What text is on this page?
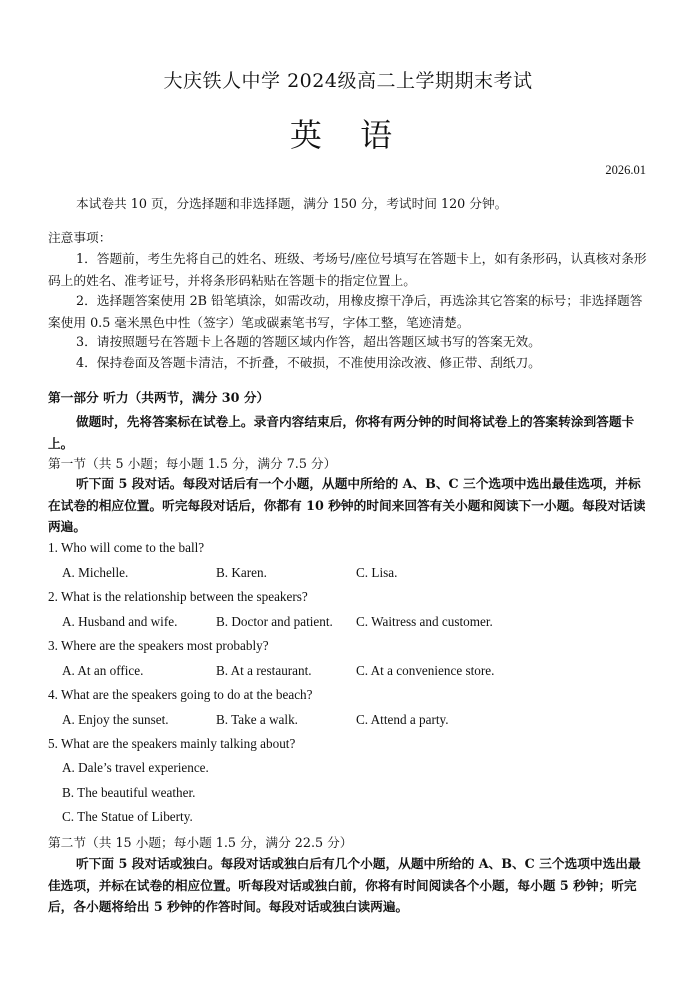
大庆铁人中学 2024级高二上学期期末考试
英 语
2026.01
本试卷共 10 页，分选择题和非选择题，满分 150 分，考试时间 120 分钟。
注意事项：
1．答题前，考生先将自己的姓名、班级、考场号/座位号填写在答题卡上，如有条形码，认真核对条形码上的姓名、准考证号，并将条形码粘贴在答题卡的指定位置上。
2．选择题答案使用 2B 铅笔填涂，如需改动，用橡皮擦干净后，再选涂其它答案的标号；非选择题答案使用 0.5 毫米黑色中性（签字）笔或碳素笔书写，字体工整，笔迹清楚。
3．请按照题号在答题卡上各题的答题区域内作答，超出答题区域书写的答案无效。
4．保持卷面及答题卡清洁，不折叠，不破损，不准使用涂改液、修正带、刮纸刀。
第一部分 听力（共两节，满分 30 分）
做题时，先将答案标在试卷上。录音内容结束后，你将有两分钟的时间将试卷上的答案转涂到答题卡上。
第一节（共 5 小题；每小题 1.5 分，满分 7.5 分）
听下面 5 段对话。每段对话后有一个小题，从题中所给的 A、B、C 三个选项中选出最佳选项，并标在试卷的相应位置。听完每段对话后，你都有 10 秒钟的时间来回答有关小题和阅读下一小题。每段对话读两遍。
1. Who will come to the ball?
A. Michelle.	B. Karen.	C. Lisa.
2. What is the relationship between the speakers?
A. Husband and wife.	B. Doctor and patient. C. Waitress and customer.
3. Where are the speakers most probably?
A. At an office.	B. At a restaurant.	C. At a convenience store.
4. What are the speakers going to do at the beach?
A. Enjoy the sunset.	B. Take a walk.	C. Attend a party.
5. What are the speakers mainly talking about?
A. Dale’s travel experience.
B. The beautiful weather.
C. The Statue of Liberty.
第二节（共 15 小题；每小题 1.5 分，满分 22.5 分）
听下面 5 段对话或独白。每段对话或独白后有几个小题，从题中所给的 A、B、C 三个选项中选出最佳选项，并标在试卷的相应位置。听每段对话或独白前，你将有时间阅读各个小题，每小题 5 秒钟；听完后，各小题将给出 5 秒钟的作答时间。每段对话或独白读两遍。
